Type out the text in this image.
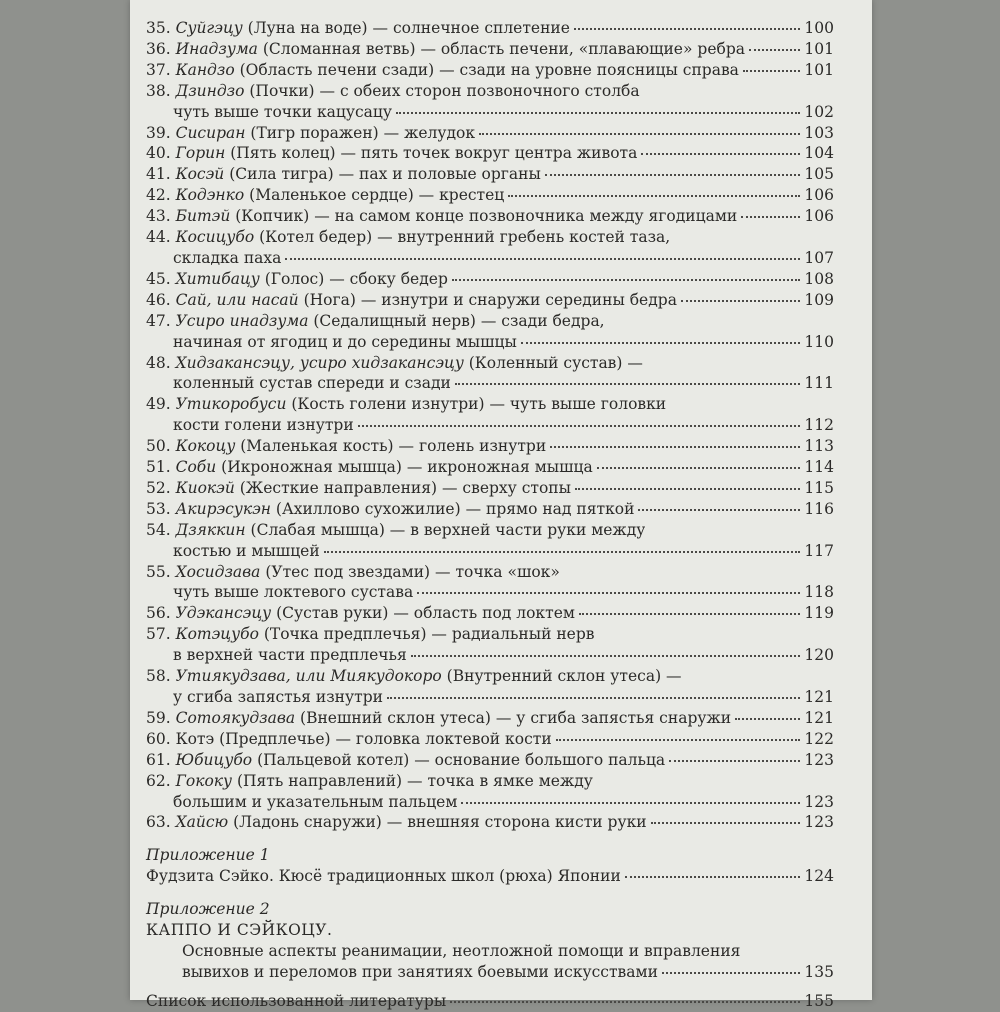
35. Суйгэцу (Луна на воде) — солнечное сплетение	100
36. Инадзума (Сломанная ветвь) — область печени, «плавающие» ребра	101
37. Кандзо (Область печени сзади) — сзади на уровне поясницы справа	101
38. Дзиндзо (Почки) — с обеих сторон позвоночного столба
чуть выше точки кацусацу	102
39. Сисиран (Тигр поражен) — желудок	103
40. Горин (Пять колец) — пять точек вокруг центра живота	104
41. Косэй (Сила тигра) — пах и половые органы	105
42. Кодэнко (Маленькое сердце) — крестец	106
43. Битэй (Копчик) — на самом конце позвоночника между ягодицами	106
44. Косицубо (Котел бедер) — внутренний гребень костей таза,
складка паха	107
45. Хитибацу (Голос) — сбоку бедер	108
46. Сай, или насай (Нога) — изнутри и снаружи середины бедра	109
47. Усиро инадзума (Седалищный нерв) — сзади бедра,
начиная от ягодиц и до середины мышцы	110
48. Хидзакансэцу, усиро хидзакансэцу (Коленный сустав) —
коленный сустав спереди и сзади	111
49. Утикоробуси (Кость голени изнутри) — чуть выше головки
кости голени изнутри	112
50. Кокоцу (Маленькая кость) — голень изнутри	113
51. Соби (Икроножная мышца) — икроножная мышца	114
52. Киокэй (Жесткие направления) — сверху стопы	115
53. Акирэсукэн (Ахиллово сухожилие) — прямо над пяткой	116
54. Дзяккин (Слабая мышца) — в верхней части руки между
костью и мышцей	117
55. Хосидзава (Утес под звездами) — точка «шок»
чуть выше локтевого сустава	118
56. Удэкансэцу (Сустав руки) — область под локтем	119
57. Котэцубо (Точка предплечья) — радиальный нерв
в верхней части предплечья	120
58. Утиякудзава, или Миякудокоро (Внутренний склон утеса) —
у сгиба запястья изнутри	121
59. Сотоякудзава (Внешний склон утеса) — у сгиба запястья снаружи	121
60. Котэ (Предплечье) — головка локтевой кости	122
61. Юбицубо (Пальцевой котел) — основание большого пальца	123
62. Гококу (Пять направлений) — точка в ямке между
большим и указательным пальцем	123
63. Хайсю (Ладонь снаружи) — внешняя сторона кисти руки	123
Приложение 1
Фудзита Сэйко. Кюсё традиционных школ (рюха) Японии	124
Приложение 2
КАППО И СЭЙКОЦУ.
Основные аспекты реанимации, неотложной помощи и вправления
вывихов и переломов при занятиях боевыми искусствами	135
Список использованной литературы	155
